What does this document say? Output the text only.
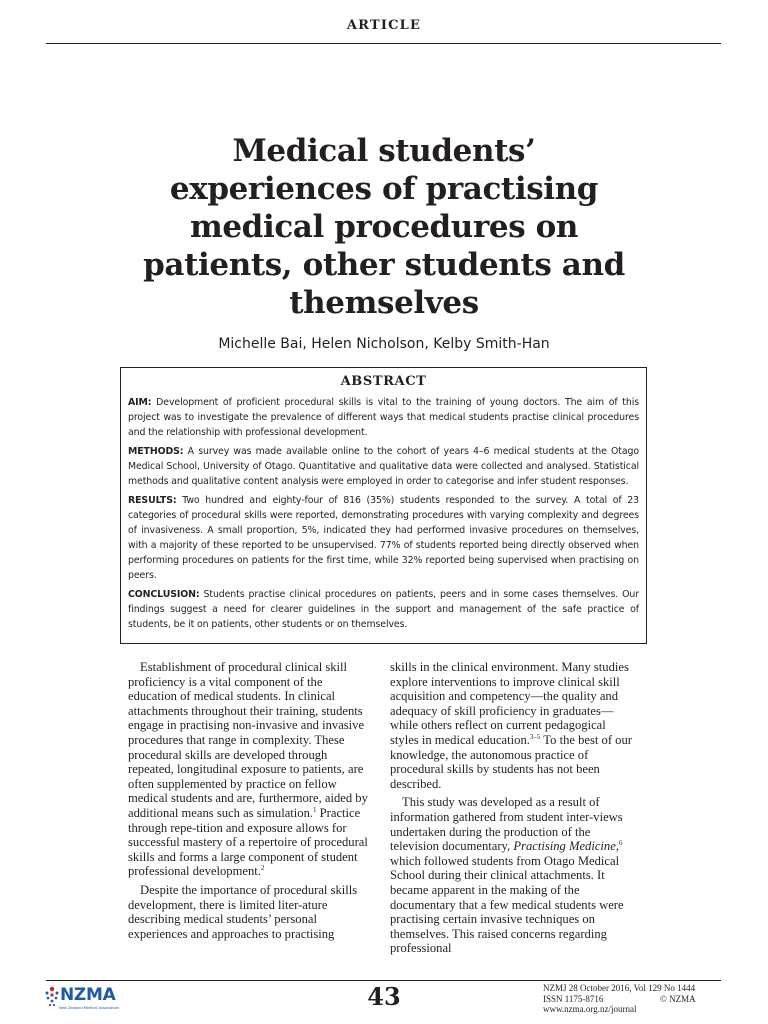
ARTICLE
Medical students’
experiences of practising
medical procedures on
patients, other students and
themselves
Michelle Bai, Helen Nicholson, Kelby Smith-Han
ABSTRACT

AIM: Development of proficient procedural skills is vital to the training of young doctors. The aim of this project was to investigate the prevalence of different ways that medical students practise clinical procedures and the relationship with professional development.

METHODS: A survey was made available online to the cohort of years 4–6 medical students at the Otago Medical School, University of Otago. Quantitative and qualitative data were collected and analysed. Statistical methods and qualitative content analysis were employed in order to categorise and infer student responses.

RESULTS: Two hundred and eighty-four of 816 (35%) students responded to the survey. A total of 23 categories of procedural skills were reported, demonstrating procedures with varying complexity and degrees of invasiveness. A small proportion, 5%, indicated they had performed invasive procedures on themselves, with a majority of these reported to be unsupervised. 77% of students reported being directly observed when performing procedures on patients for the first time, while 32% reported being supervised when practising on peers.

CONCLUSION: Students practise clinical procedures on patients, peers and in some cases themselves. Our findings suggest a need for clearer guidelines in the support and management of the safe practice of students, be it on patients, other students or on themselves.

Establishment of procedural clinical skill proficiency is a vital component of the education of medical students. In clinical attachments throughout their training, students engage in practising non-invasive and invasive procedures that range in complexity. These procedural skills are developed through repeated, longitudinal exposure to patients, are often supplemented by practice on fellow medical students and are, furthermore, aided by additional means such as simulation.$^1$ Practice through repe-tition and exposure allows for successful mastery of a repertoire of procedural skills and forms a large component of student professional development.$^2$

Despite the importance of procedural skills development, there is limited liter-ature describing medical students’ personal experiences and approaches to practising

skills in the clinical environment. Many studies explore interventions to improve clinical skill acquisition and competency—the quality and adequacy of skill proficiency in graduates—while others reflect on current pedagogical styles in medical education.$^{3-5}$ To the best of our knowledge, the autonomous practice of procedural skills by students has not been described.

This study was developed as a result of information gathered from student inter-views undertaken during the production of the television documentary, Practising Medicine,$^6$ which followed students from Otago Medical School during their clinical attachments. It became apparent in the making of the documentary that a few medical students were practising certain invasive techniques on themselves. This raised concerns regarding professional

NZMA
New Zealand Medical Association	43	NZMJ 28 October 2016, Vol 129 No 1444
ISSN 1175-8716	© NZMA
www.nzma.org.nz/journal
